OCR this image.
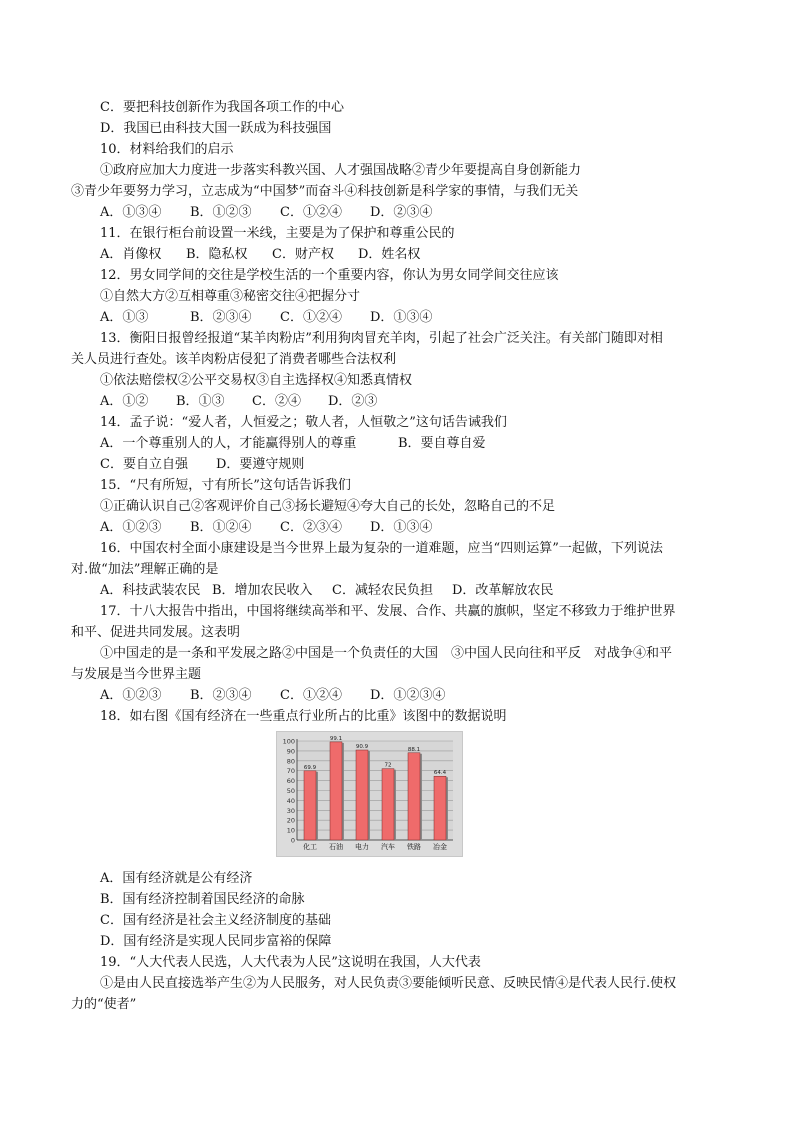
C．要把科技创新作为我国各项工作的中心
D．我国已由科技大国一跃成为科技强国
10．材料给我们的启示
①政府应加大力度进一步落实科教兴国、人才强国战略②青少年要提高自身创新能力
③青少年要努力学习，立志成为“中国梦”而奋斗④科技创新是科学家的事情，与我们无关
A．①③④ B．①②③ C．①②④ D．②③④
11．在银行柜台前设置一米线，主要是为了保护和尊重公民的
A．肖像权 B．隐私权 C．财产权 D．姓名权
12．男女同学间的交往是学校生活的一个重要内容，你认为男女同学间交往应该
①自然大方②互相尊重③秘密交往④把握分寸
A．①③	B．②③④ C．①②④ D．①③④
13．衡阳日报曾经报道“某羊肉粉店”利用狗肉冒充羊肉，引起了社会广泛关注。有关部门随即对相
关人员进行查处。该羊肉粉店侵犯了消费者哪些合法权利
①依法赔偿权②公平交易权③自主选择权④知悉真情权
A．①② B．①③ C．②④ D．②③
14．孟子说：“爱人者，人恒爱之；敬人者，人恒敬之”这句话告诫我们
A．一个尊重别人的人，才能赢得别人的尊重	B．要自尊自爱
C．要自立自强 D．要遵守规则
15．“尺有所短，寸有所长”这句话告诉我们
①正确认识自己②客观评价自己③扬长避短④夸大自己的长处，忽略自己的不足
A．①②③ B．①②④ C．②③④ D．①③④
16．中国农村全面小康建设是当今世界上最为复杂的一道难题，应当“四则运算”一起做，下列说法
对.做“加法”理解正确的是
A．科技武装农民 B．增加农民收入 C．减轻农民负担 D．改革解放农民
17．十八大报告中指出，中国将继续高举和平、发展、合作、共赢的旗帜，坚定不移致力于维护世界
和平、促进共同发展。这表明
①中国走的是一条和平发展之路②中国是一个负责任的大国　③中国人民向往和平反　对战争④和平
与发展是当今世界主题
A．①②③ B．②③④ C．①②④ D．①②③④
18．如右图《国有经济在一些重点行业所占的比重》该图中的数据说明
0
10
20
30
40
50
60
70
80
90
100
69.9
化工
99.1
石油
90.9
电力
72
汽车
88.1
铁路
64.4
冶金
A．国有经济就是公有经济
B．国有经济控制着国民经济的命脉
C．国有经济是社会主义经济制度的基础
D．国有经济是实现人民同步富裕的保障
19．“人大代表人民选，人大代表为人民”这说明在我国，人大代表
①是由人民直接选举产生②为人民服务，对人民负责③要能倾听民意、反映民情④是代表人民行.使权
力的“使者”
